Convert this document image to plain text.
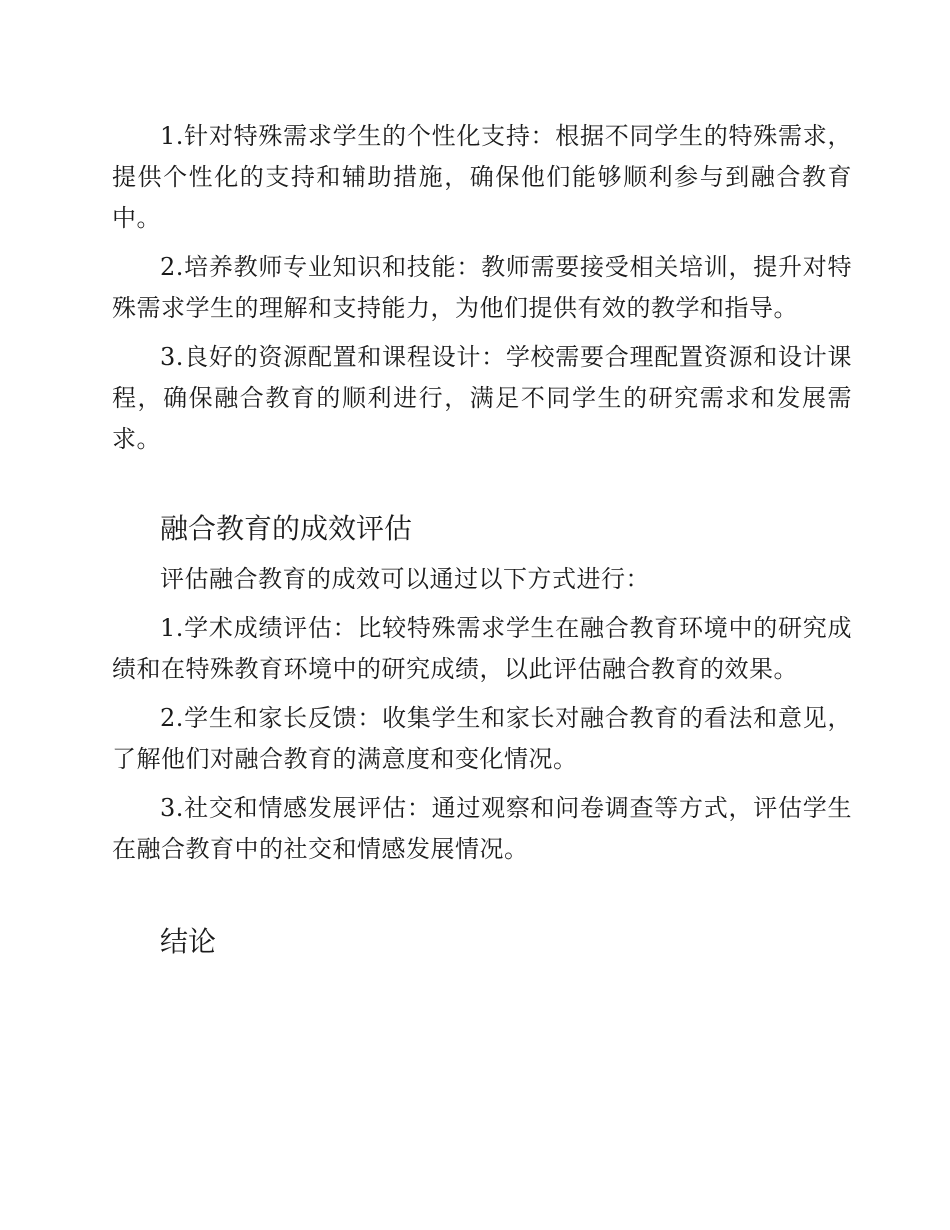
1.针对特殊需求学生的个性化支持：根据不同学生的特殊需求，提供个性化的支持和辅助措施，确保他们能够顺利参与到融合教育中。

2.培养教师专业知识和技能：教师需要接受相关培训，提升对特殊需求学生的理解和支持能力，为他们提供有效的教学和指导。

3.良好的资源配置和课程设计：学校需要合理配置资源和设计课程，确保融合教育的顺利进行，满足不同学生的研究需求和发展需求。

融合教育的成效评估

评估融合教育的成效可以通过以下方式进行：

1.学术成绩评估：比较特殊需求学生在融合教育环境中的研究成绩和在特殊教育环境中的研究成绩，以此评估融合教育的效果。

2.学生和家长反馈：收集学生和家长对融合教育的看法和意见，了解他们对融合教育的满意度和变化情况。

3.社交和情感发展评估：通过观察和问卷调查等方式，评估学生在融合教育中的社交和情感发展情况。

结论
